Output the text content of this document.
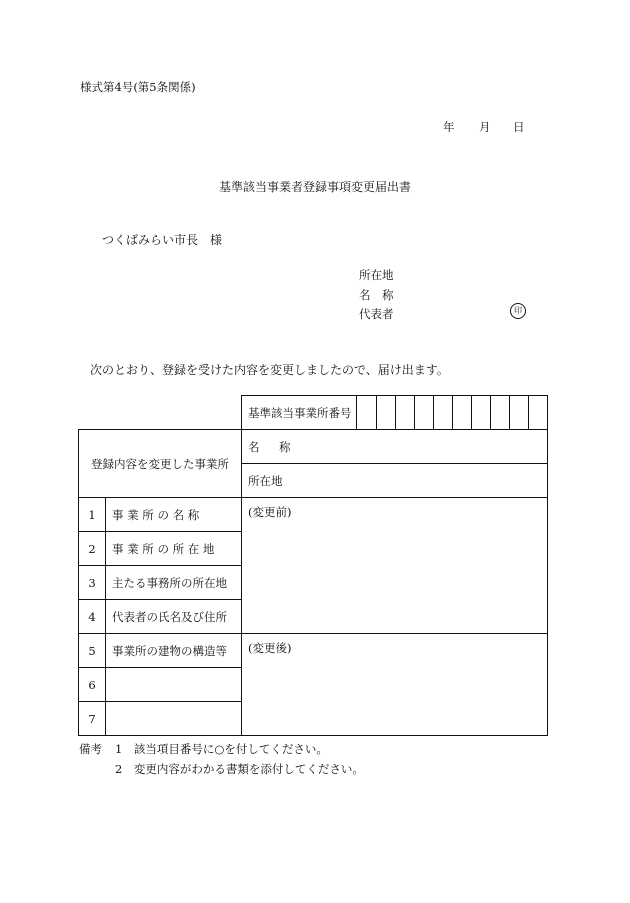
様式第4号(第5条関係)
年 月 日
基準該当事業者登録事項変更届出書
つくばみらい市長　様
所在地
名　称
代表者	印
次のとおり、登録を受けた内容を変更しましたので、届け出ます。
		基準該当事業所番号										
登録内容を変更した事業所		名　称										
		所在地										
1	事 業 所 の 名 称	(変更前)										
2	事 業 所 の 所 在 地											
3	主たる事務所の所在地											
4	代表者の氏名及び住所											
5	事業所の建物の構造等	(変更後)										
6												
7												
備考 1　該当項目番号に○を付してください。
2　変更内容がわかる書類を添付してください。
